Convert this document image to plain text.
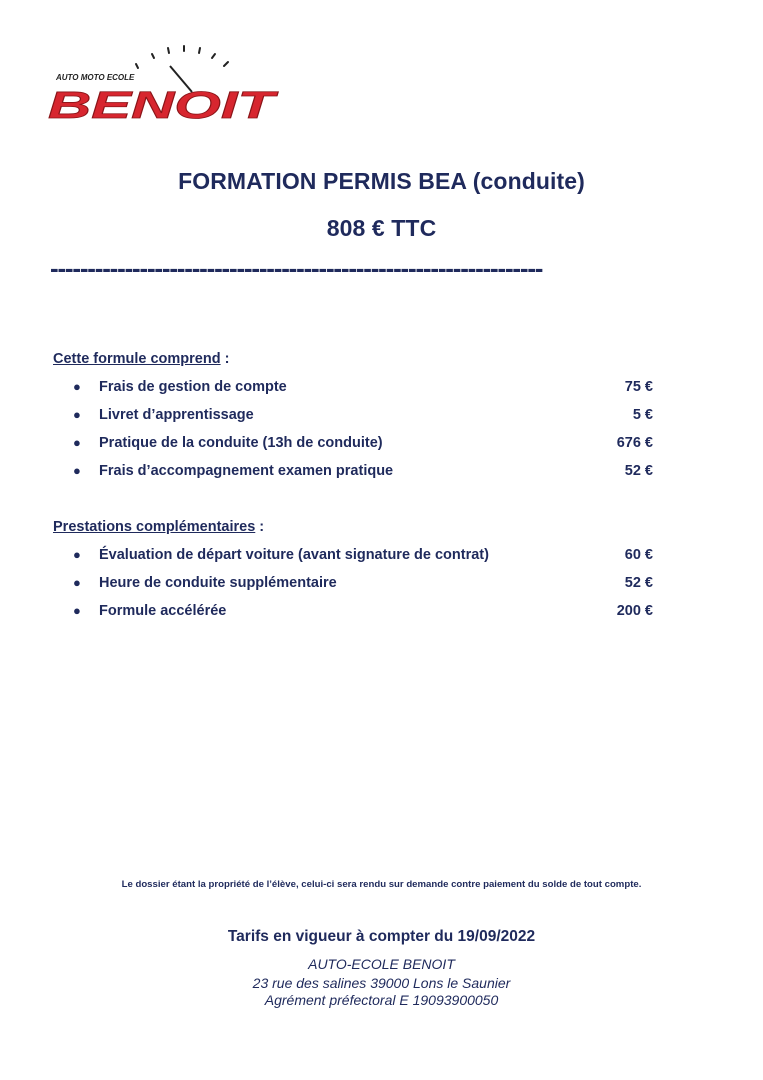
AUTO MOTO ECOLE
BENOIT
FORMATION PERMIS BEA (conduite)
808 € TTC
------------------------------------------------------------------
Cette formule comprend :
● Frais de gestion de compte	75 €
● Livret d’apprentissage	5 €
● Pratique de la conduite (13h de conduite)	676 €
● Frais d’accompagnement examen pratique	52 €
Prestations complémentaires :
● Évaluation de départ voiture (avant signature de contrat)	60 €
● Heure de conduite supplémentaire	52 €
● Formule accélérée	200 €
Le dossier étant la propriété de l’élève, celui-ci sera rendu sur demande contre paiement du solde de tout compte.
Tarifs en vigueur à compter du 19/09/2022
AUTO-ECOLE BENOIT
23 rue des salines 39000 Lons le Saunier
Agrément préfectoral E 19093900050
